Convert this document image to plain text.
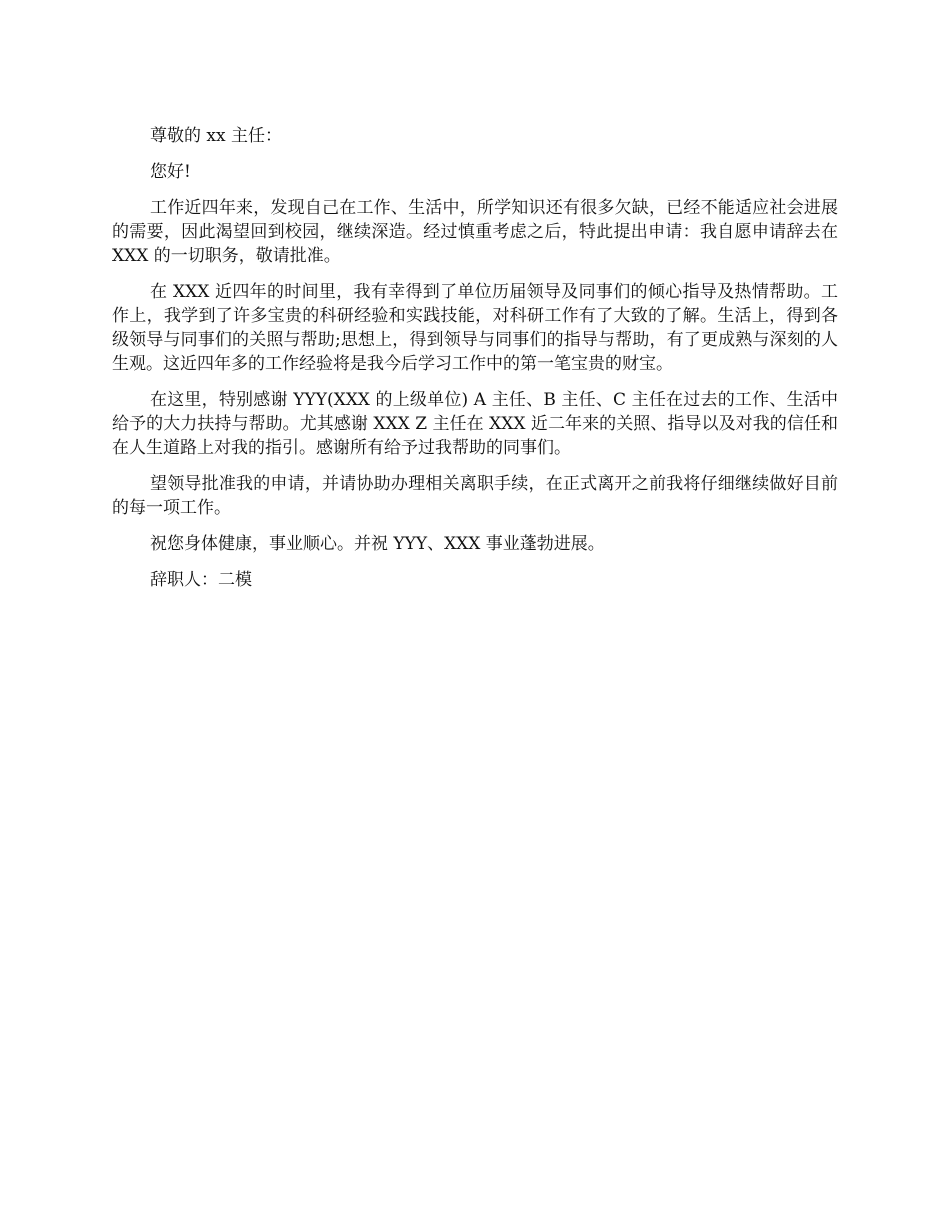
尊敬的 xx 主任：

您好!

工作近四年来，发现自己在工作、生活中，所学知识还有很多欠缺，已经不能适应社会进展的需要，因此渴望回到校园，继续深造。经过慎重考虑之后，特此提出申请：我自愿申请辞去在 XXX 的一切职务，敬请批准。

在 XXX 近四年的时间里，我有幸得到了单位历届领导及同事们的倾心指导及热情帮助。工作上，我学到了许多宝贵的科研经验和实践技能，对科研工作有了大致的了解。生活上，得到各级领导与同事们的关照与帮助;思想上，得到领导与同事们的指导与帮助，有了更成熟与深刻的人生观。这近四年多的工作经验将是我今后学习工作中的第一笔宝贵的财宝。

在这里，特别感谢 YYY(XXX 的上级单位) A 主任、B 主任、C 主任在过去的工作、生活中给予的大力扶持与帮助。尤其感谢 XXX Z 主任在 XXX 近二年来的关照、指导以及对我的信任和在人生道路上对我的指引。感谢所有给予过我帮助的同事们。

望领导批准我的申请，并请协助办理相关离职手续，在正式离开之前我将仔细继续做好目前的每一项工作。

祝您身体健康，事业顺心。并祝 YYY、XXX 事业蓬勃进展。

辞职人：二模
